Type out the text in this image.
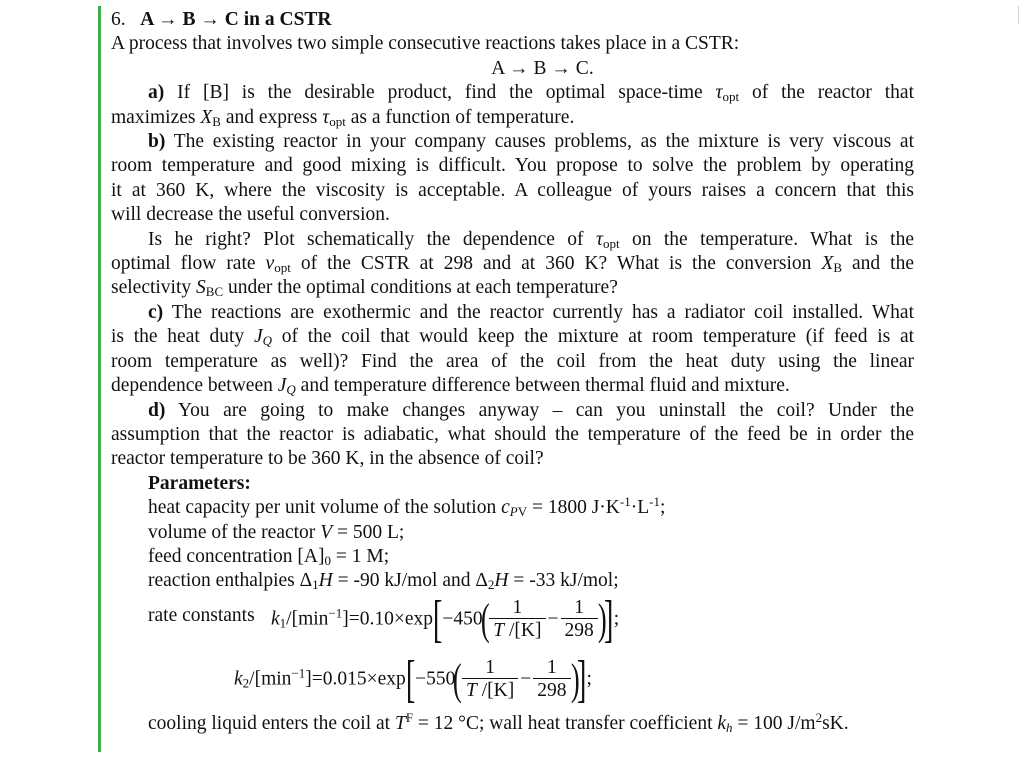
6. A → B → C in a CSTR
A process that involves two simple consecutive reactions takes place in a CSTR:
A → B → C.
a) If [B] is the desirable product, find the optimal space-time $\tau_{opt}$ of the reactor that
maximizes $X_B$ and express $\tau_{opt}$ as a function of temperature.
b) The existing reactor in your company causes problems, as the mixture is very viscous at
room temperature and good mixing is difficult. You propose to solve the problem by operating
it at 360 K, where the viscosity is acceptable. A colleague of yours raises a concern that this
will decrease the useful conversion.
Is he right? Plot schematically the dependence of $\tau_{opt}$ on the temperature. What is the
optimal flow rate $v_{opt}$ of the CSTR at 298 and at 360 K? What is the conversion $X_B$ and the
selectivity $S_{BC}$ under the optimal conditions at each temperature?
c) The reactions are exothermic and the reactor currently has a radiator coil installed. What
is the heat duty $J_Q$ of the coil that would keep the mixture at room temperature (if feed is at
room temperature as well)? Find the area of the coil from the heat duty using the linear
dependence between $J_Q$ and temperature difference between thermal fluid and mixture.
d) You are going to make changes anyway – can you uninstall the coil? Under the
assumption that the reactor is adiabatic, what should the temperature of the feed be in order the
reactor temperature to be 360 K, in the absence of coil?
Parameters:
heat capacity per unit volume of the solution $c_{PV} = 1800$ $J\cdot K^{-1}\cdot L^{-1}$;
volume of the reactor V = 500 L;
feed concentration $[A]_0 = 1$ M;
reaction enthalpies $\Delta_1H = -90$ kJ/mol and $\Delta_2H = -33$ kJ/mol;
rate constants $k_1/[\min^{-1}]=0.10\times\exp[-450( \frac{1}{T /[K]} - \frac{1}{298}$ )];
$k_2/[\min^{-1}]=0.015\times\exp[-550( \frac{1}{T /[K]} - \frac{1}{298}$ )];
cooling liquid enters the coil at $T^F = 12$ °C; wall heat transfer coefficient $k_h = 100$ $J/m^2sK$.
